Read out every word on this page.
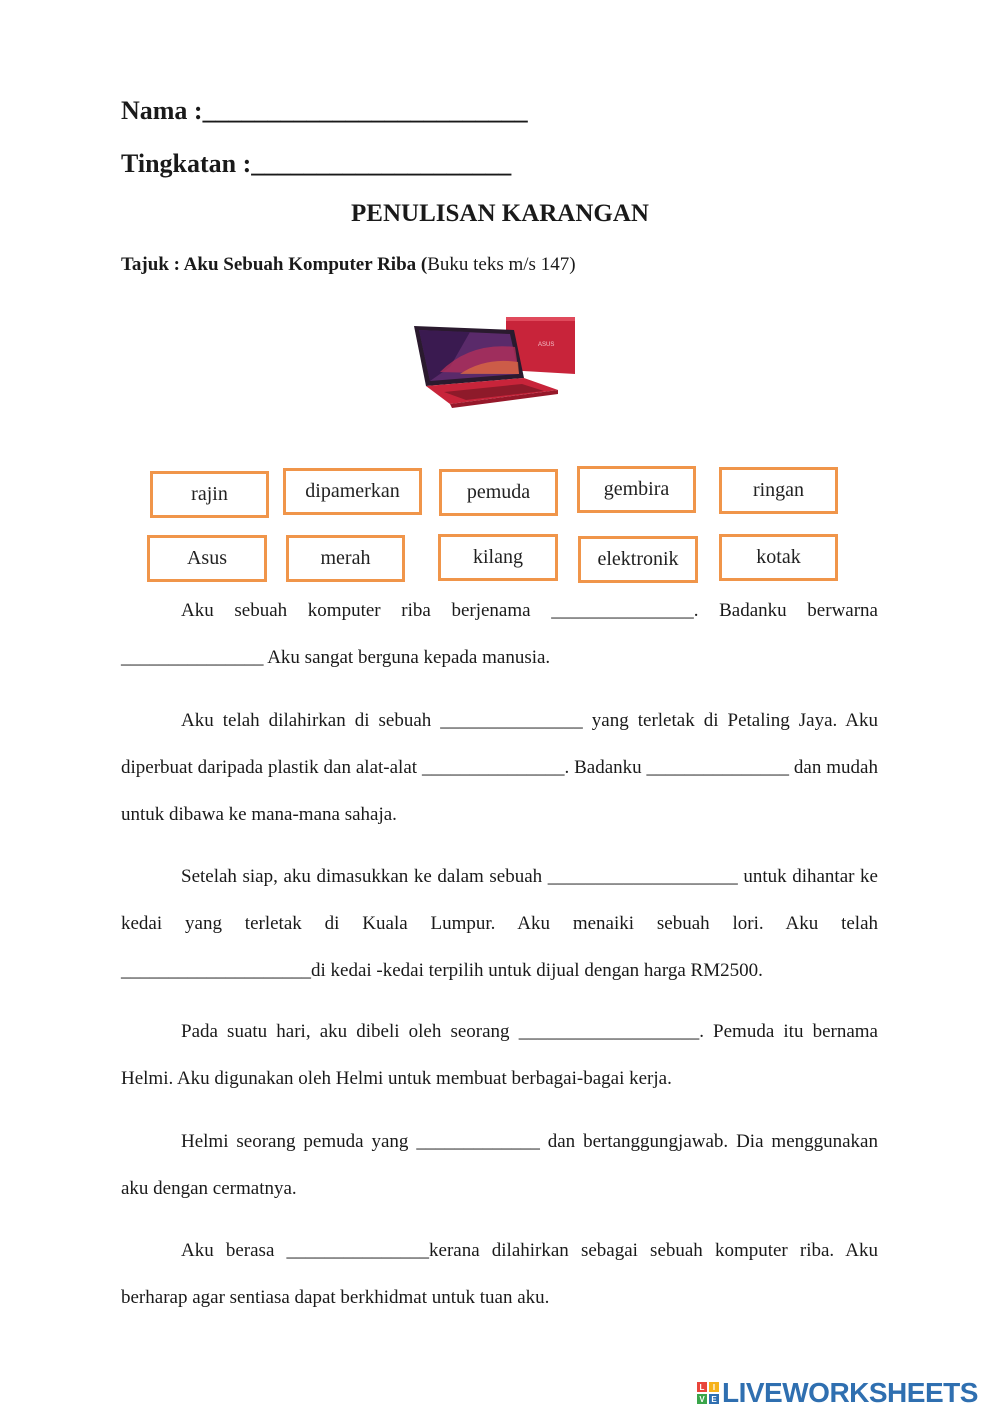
Nama :_________________________
Tingkatan :____________________
PENULISAN KARANGAN
Tajuk : Aku Sebuah Komputer Riba (Buku teks m/s 147)
ASUS
rajin	dipamerkan	pemuda	gembira	ringan
Asus	merah	kilang	elektronik	kotak
Aku sebuah komputer riba berjenama _______________. Badanku berwarna _______________ Aku sangat berguna kepada manusia.
Aku telah dilahirkan di sebuah _______________ yang terletak di Petaling Jaya. Aku diperbuat daripada plastik dan alat-alat _______________. Badanku _______________ dan mudah untuk dibawa ke mana-mana sahaja.
Setelah siap, aku dimasukkan ke dalam sebuah ____________________ untuk dihantar ke kedai yang terletak di Kuala Lumpur. Aku menaiki sebuah lori. Aku telah ____________________di kedai -kedai terpilih untuk dijual dengan harga RM2500.
Pada suatu hari, aku dibeli oleh seorang ___________________. Pemuda itu bernama Helmi. Aku digunakan oleh Helmi untuk membuat berbagai-bagai kerja.
Helmi seorang pemuda yang _____________ dan bertanggungjawab. Dia menggunakan aku dengan cermatnya.
Aku berasa _______________kerana dilahirkan sebagai sebuah komputer riba. Aku berharap agar sentiasa dapat berkhidmat untuk tuan aku.
L	I
V E LIVEWORKSHEETS
